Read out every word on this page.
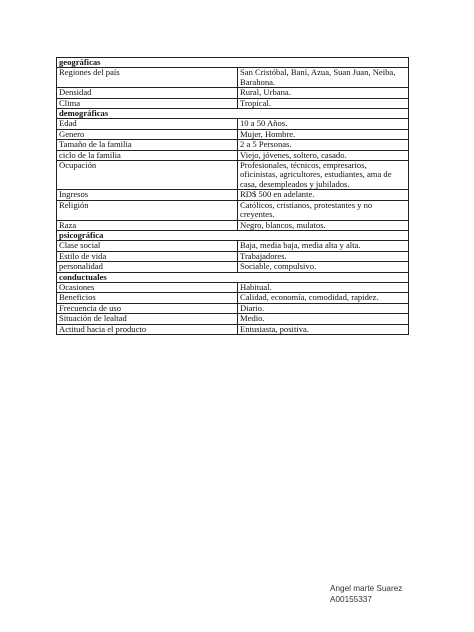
geográficas	
Regiones del país	San Cristóbal, Baní, Azua, Suan Juan, Neiba, Barahona.
Densidad	Rural, Urbana.
Clima	Tropical.
demográficas	
Edad	10 a 50 Años.
Genero	Mujer, Hombre.
Tamaño de la familia	2 a 5 Personas.
ciclo de la familia	Viejo, jóvenes, soltero, casado.
Ocupación	Profesionales, técnicos, empresarios, oficinistas, agricultores, estudiantes, ama de casa, desempleados y jubilados.
Ingresos	RD$ 500 en adelante.
Religión	Católicos, cristianos, protestantes y no creyentes.
Raza	Negro, blancos, mulatos.
psicográfica	
Clase social	Baja, media baja, media alta y alta.
Estilo de vida	Trabajadores.
personalidad	Sociable, compulsivo.
conductuales	
Ocasiones	Habitual.
Beneficios	Calidad, economía, comodidad, rapidez.
Frecuencia de uso	Diario.
Situación de lealtad	Medio.
Actitud hacia el producto	Entusiasta, positiva.
Angel marte Suarez
A00155337
